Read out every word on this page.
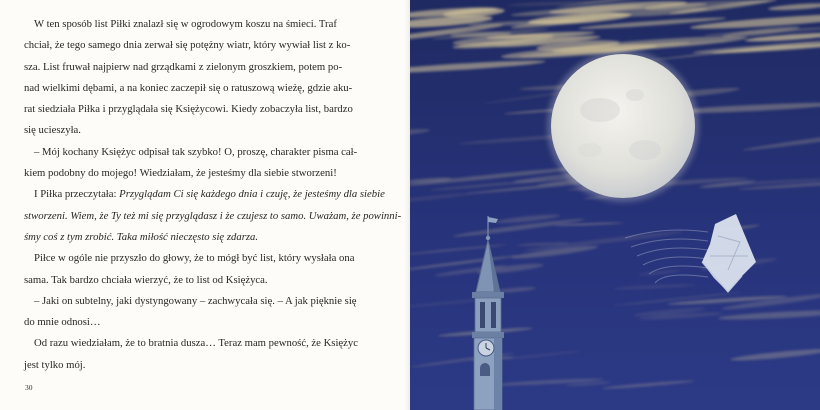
W ten sposób list Piłki znalazł się w ogrodowym koszu na śmieci. Traf
chciał, że tego samego dnia zerwał się potężny wiatr, który wywiał list z ko-
sza. List fruwał najpierw nad grządkami z zielonym groszkiem, potem po-
nad wielkimi dębami, a na koniec zaczepił się o ratuszową wieżę, gdzie aku-
rat siedziała Piłka i przyglądała się Księżycowi. Kiedy zobaczyła list, bardzo
się ucieszyła.
– Mój kochany Księżyc odpisał tak szybko! O, proszę, charakter pisma cał-
kiem podobny do mojego! Wiedziałam, że jesteśmy dla siebie stworzeni!
I Piłka przeczytała: Przyglądam Ci się każdego dnia i czuję, że jesteśmy dla siebie
stworzeni. Wiem, że Ty też mi się przyglądasz i że czujesz to samo. Uważam, że powinni-
śmy coś z tym zrobić. Taka miłość nieczęsto się zdarza.
Piłce w ogóle nie przyszło do głowy, że to mógł być list, który wysłała ona
sama. Tak bardzo chciała wierzyć, że to list od Księżyca.
– Jaki on subtelny, jaki dystyngowany – zachwycała się. – A jak pięknie się
do mnie odnosi…
Od razu wiedziałam, że to bratnia dusza… Teraz mam pewność, że Księżyc
jest tylko mój.
30
